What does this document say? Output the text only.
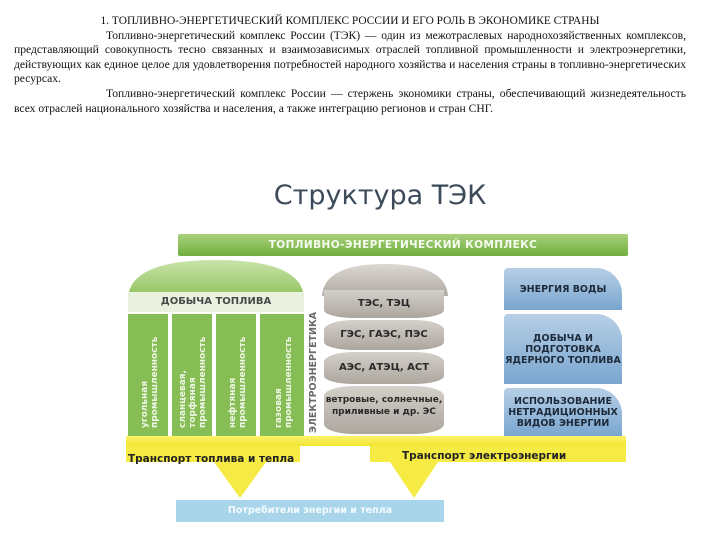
1. ТОПЛИВНО-ЭНЕРГЕТИЧЕСКИЙ КОМПЛЕКС РОССИИ И ЕГО РОЛЬ В ЭКОНОМИКЕ СТРАНЫ

Топливно-энергетический комплекс России (ТЭК) — один из межотраслевых народнохозяйственных комплексов, представляющий совокупность тесно связанных и взаимозависимых отраслей топливной промышленности и электроэнергетики, действующих как единое целое для удовлетворения потребностей народного хозяйства и населения страны в топливно-энергетических ресурсах.

Топливно-энергетический комплекс России — стержень экономики страны, обеспечивающий жизнедеятельность всех отраслей национального хозяйства и населения, а также интеграцию регионов и стран СНГ.

Структура ТЭК
ТОПЛИВНО-ЭНЕРГЕТИЧЕСКИЙ КОМПЛЕКС
ДОБЫЧА ТОПЛИВА
угольная промышленность сланцевая, торфяная промышленность нефтяная промышленность	газовая промышленность ЭЛЕКТРОЭНЕРГЕТИКА
ТЭС, ТЭЦ
ГЭС, ГАЭС, ПЭС
АЭС, АТЭЦ, АСТ
ветровые, солнечные, приливные и др. ЭС
ЭНЕРГИЯ ВОДЫ
ДОБЫЧА И ПОДГОТОВКА ЯДЕРНОГО ТОПЛИВА
ИСПОЛЬЗОВАНИЕ НЕТРАДИЦИОННЫХ ВИДОВ ЭНЕРГИИ
Транспорт топлива и тепла	Транспорт электроэнергии
Потребители энергии и тепла
